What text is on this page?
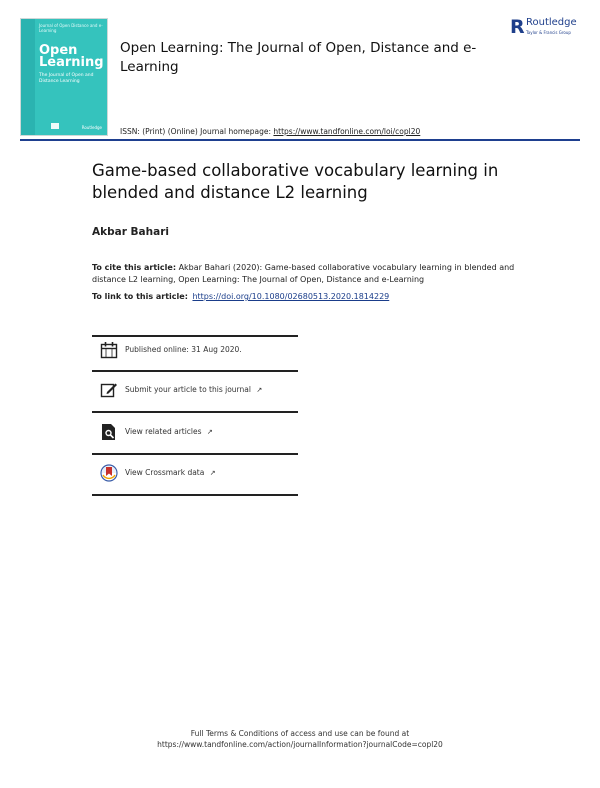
Journal of Open Distance and e-Learning
Open Learning
The Journal of Open and Distance Learning
Routledge
Open Learning: The Journal of Open, Distance and e-Learning
ISSN: (Print) (Online) Journal homepage: https://www.tandfonline.com/loi/copl20
R Routledge
Taylor & Francis Group
Game-based collaborative vocabulary learning in blended and distance L2 learning
Akbar Bahari
To cite this article: Akbar Bahari (2020): Game-based collaborative vocabulary learning in blended and distance L2 learning, Open Learning: The Journal of Open, Distance and e-Learning
To link to this article: https://doi.org/10.1080/02680513.2020.1814229
Published online: 31 Aug 2020.
Submit your article to this journal ↗
View related articles ↗
View Crossmark data ↗
Full Terms & Conditions of access and use can be found at
https://www.tandfonline.com/action/journalInformation?journalCode=copl20
